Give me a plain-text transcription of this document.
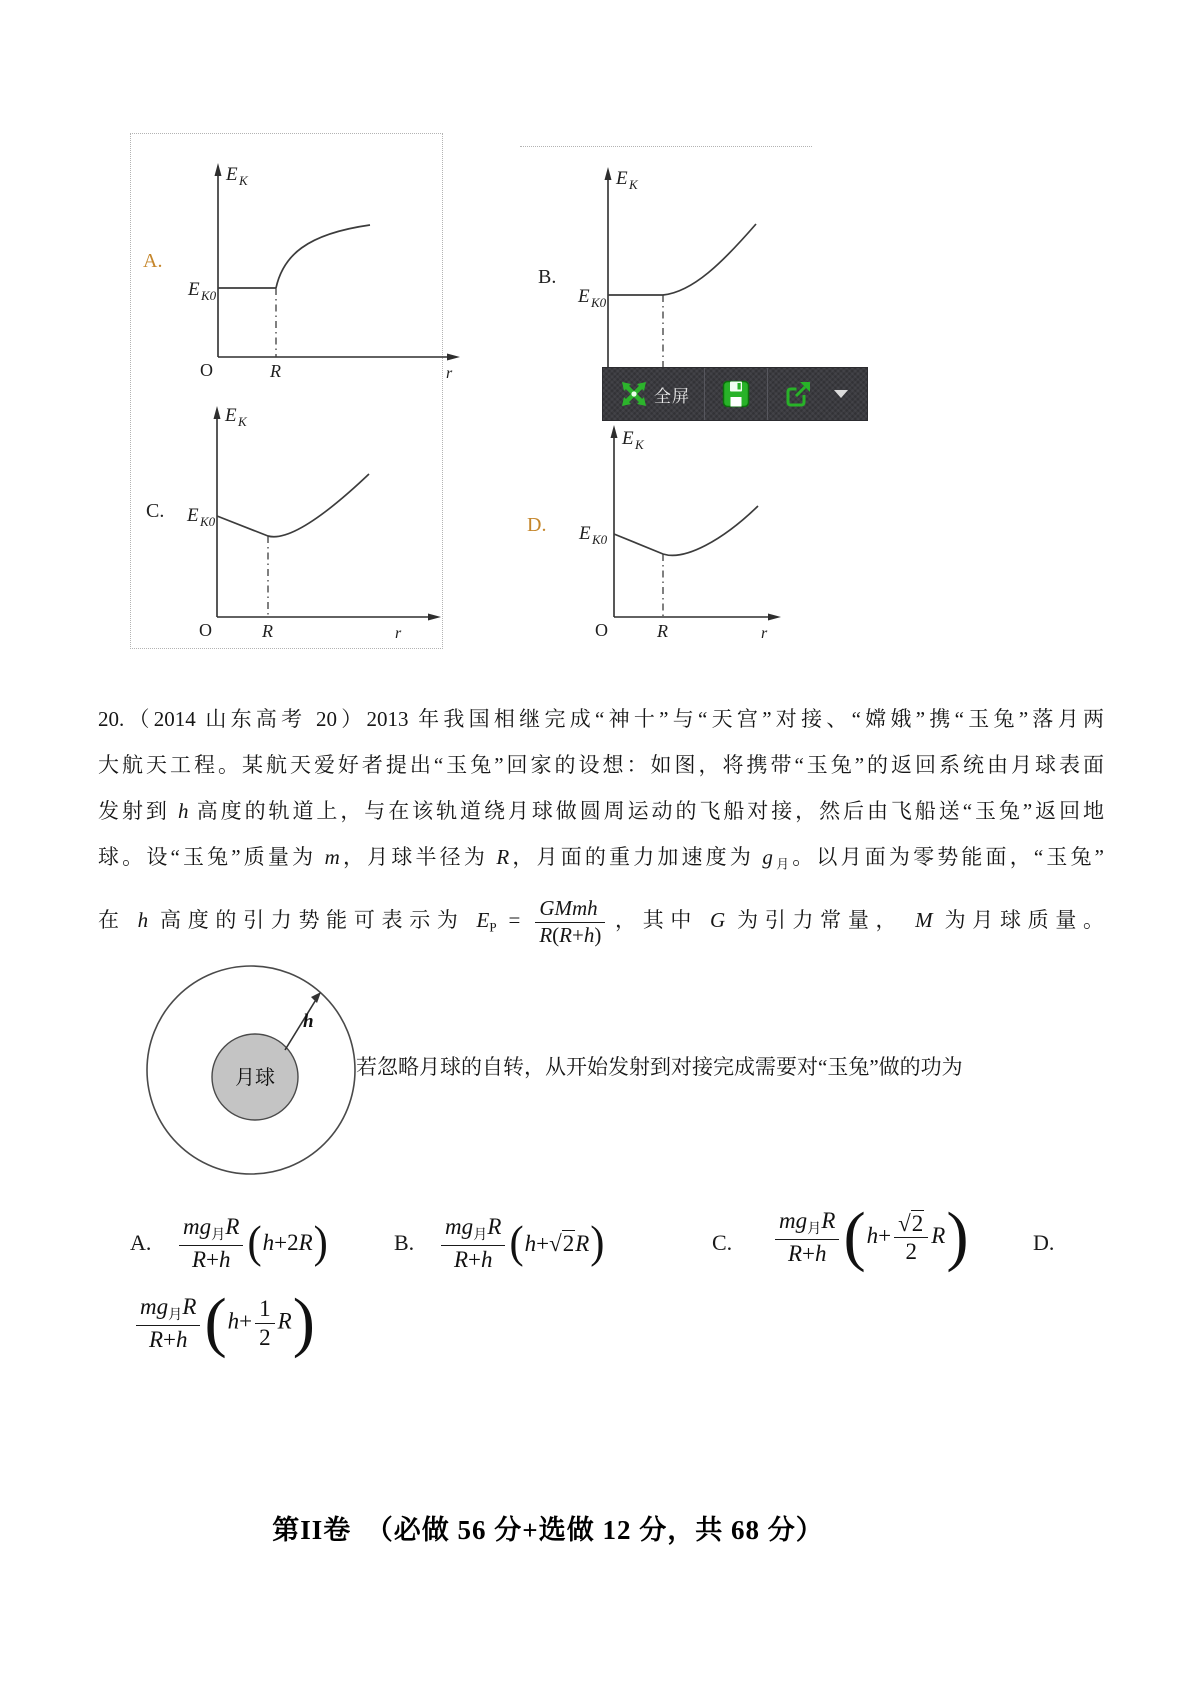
A.
E K
E K0
O	R	r
B.
E K
E K0
全屏
C.
E K
E K0
O	R	r
D.
E K
E K0
O	R	r
20.（2014 山东高考 20）2013 年我国相继完成“神十”与“天宫”对接、“嫦娥”携“玉兔”落月两
大航天工程。某航天爱好者提出“玉兔”回家的设想：如图，将携带“玉兔”的返回系统由月球表面
发射到 h 高度的轨道上，与在该轨道绕月球做圆周运动的飞船对接，然后由飞船送“玉兔”返回地
球。设“玉兔”质量为 m，月球半径为 R，月面的重力加速度为 $g_月$。以月面为零势能面，“玉兔”
在 h 高度的引力势能可表示为 $E_P = \frac{\text{GMmh}}{R(R+h)}$ ，其中 G 为引力常量， M 为月球质量。
月球
h
若忽略月球的自转，从开始发射到对接完成需要对“玉兔”做的功为
A. $\frac{mg_月R}{R+h} (h+2R)$	B. $\frac{mg_月R}{R+h} (h+√2R)$	C. $\frac{mg_月R}{R+h} (h+ \frac{√2}{2} R)$	D.
$\frac{mg_月R}{R+h} (h+ \frac{1}{2} R)$
第II卷　（必做 56 分+选做 12 分，共 68 分）
